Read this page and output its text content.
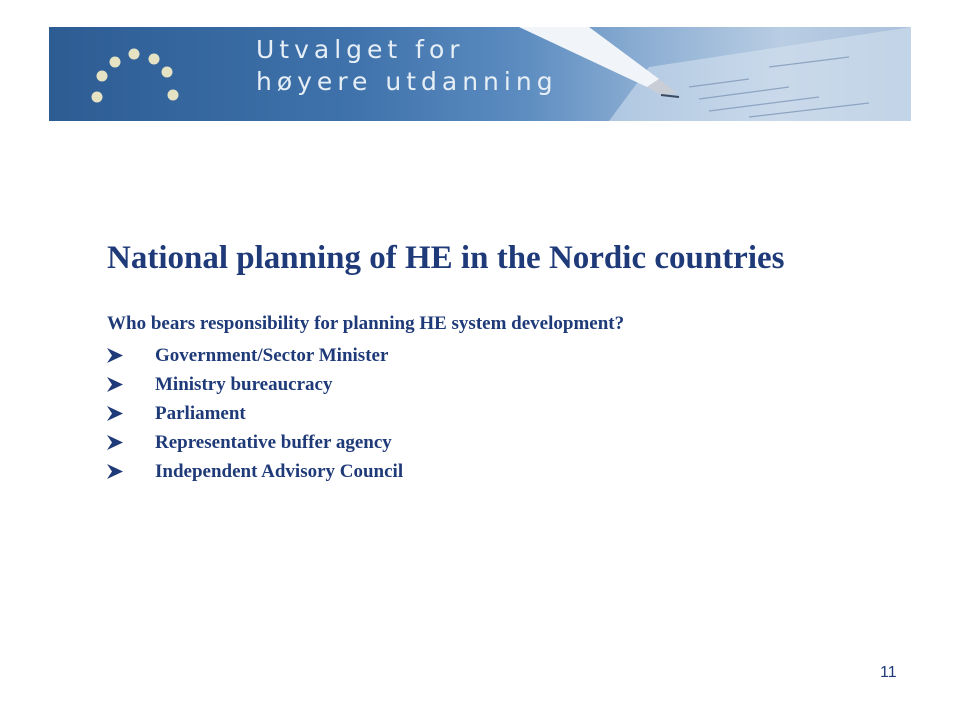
Utvalget for
høyere utdanning
National planning of HE in the Nordic countries

Who bears responsibility for planning HE system development?

Government/Sector Minister
Ministry bureaucracy
Parliament
Representative buffer agency
Independent Advisory Council
11
